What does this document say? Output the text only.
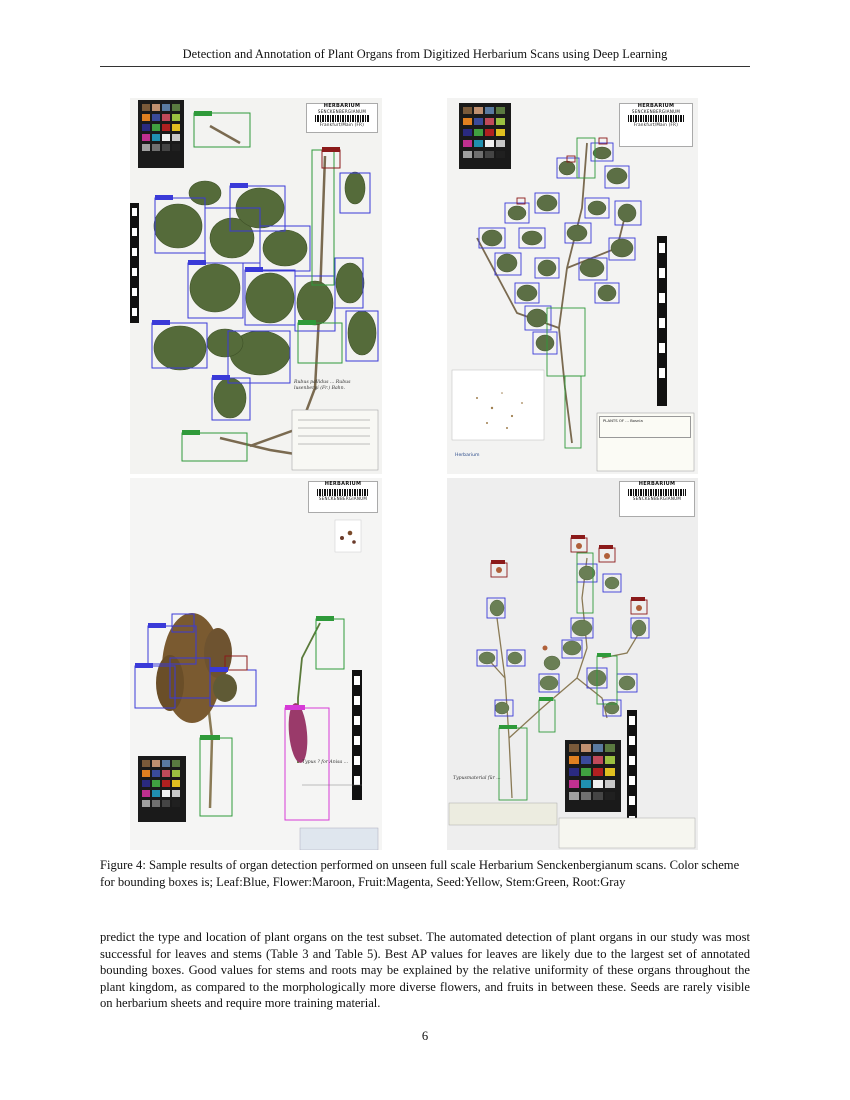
Detection and Annotation of Plant Organs from Digitized Herbarium Scans using Deep Learning
HERBARIUM
SENCKENBERGIANUM
Frankfurt/Main (FR)
Rubus pallidus ... Rubus lusenbergi (Fr.) Bahn.
HERBARIUM
SENCKENBERGIANUM
Frankfurt/Main (FR)
Herbarium
PLANTS OF ... Bosnia
HERBARIUM
SENCKENBERGIANUM
Typus ? for Anisa ...
HERBARIUM
SENCKENBERGIANUM
Typusmaterial für ...
Figure 4: Sample results of organ detection performed on unseen full scale Herbarium Senckenbergianum scans. Color scheme for bounding boxes is; Leaf:Blue, Flower:Maroon, Fruit:Magenta, Seed:Yellow, Stem:Green, Root:Gray
predict the type and location of plant organs on the test subset. The automated detection of plant organs in our study was most successful for leaves and stems (Table 3 and Table 5). Best AP values for leaves are likely due to the largest set of annotated bounding boxes. Good values for stems and roots may be explained by the relative uniformity of these organs throughout the plant kingdom, as compared to the morphologically more diverse flowers, and fruits in between these. Seeds are rarely visible on herbarium sheets and require more training material.
6
